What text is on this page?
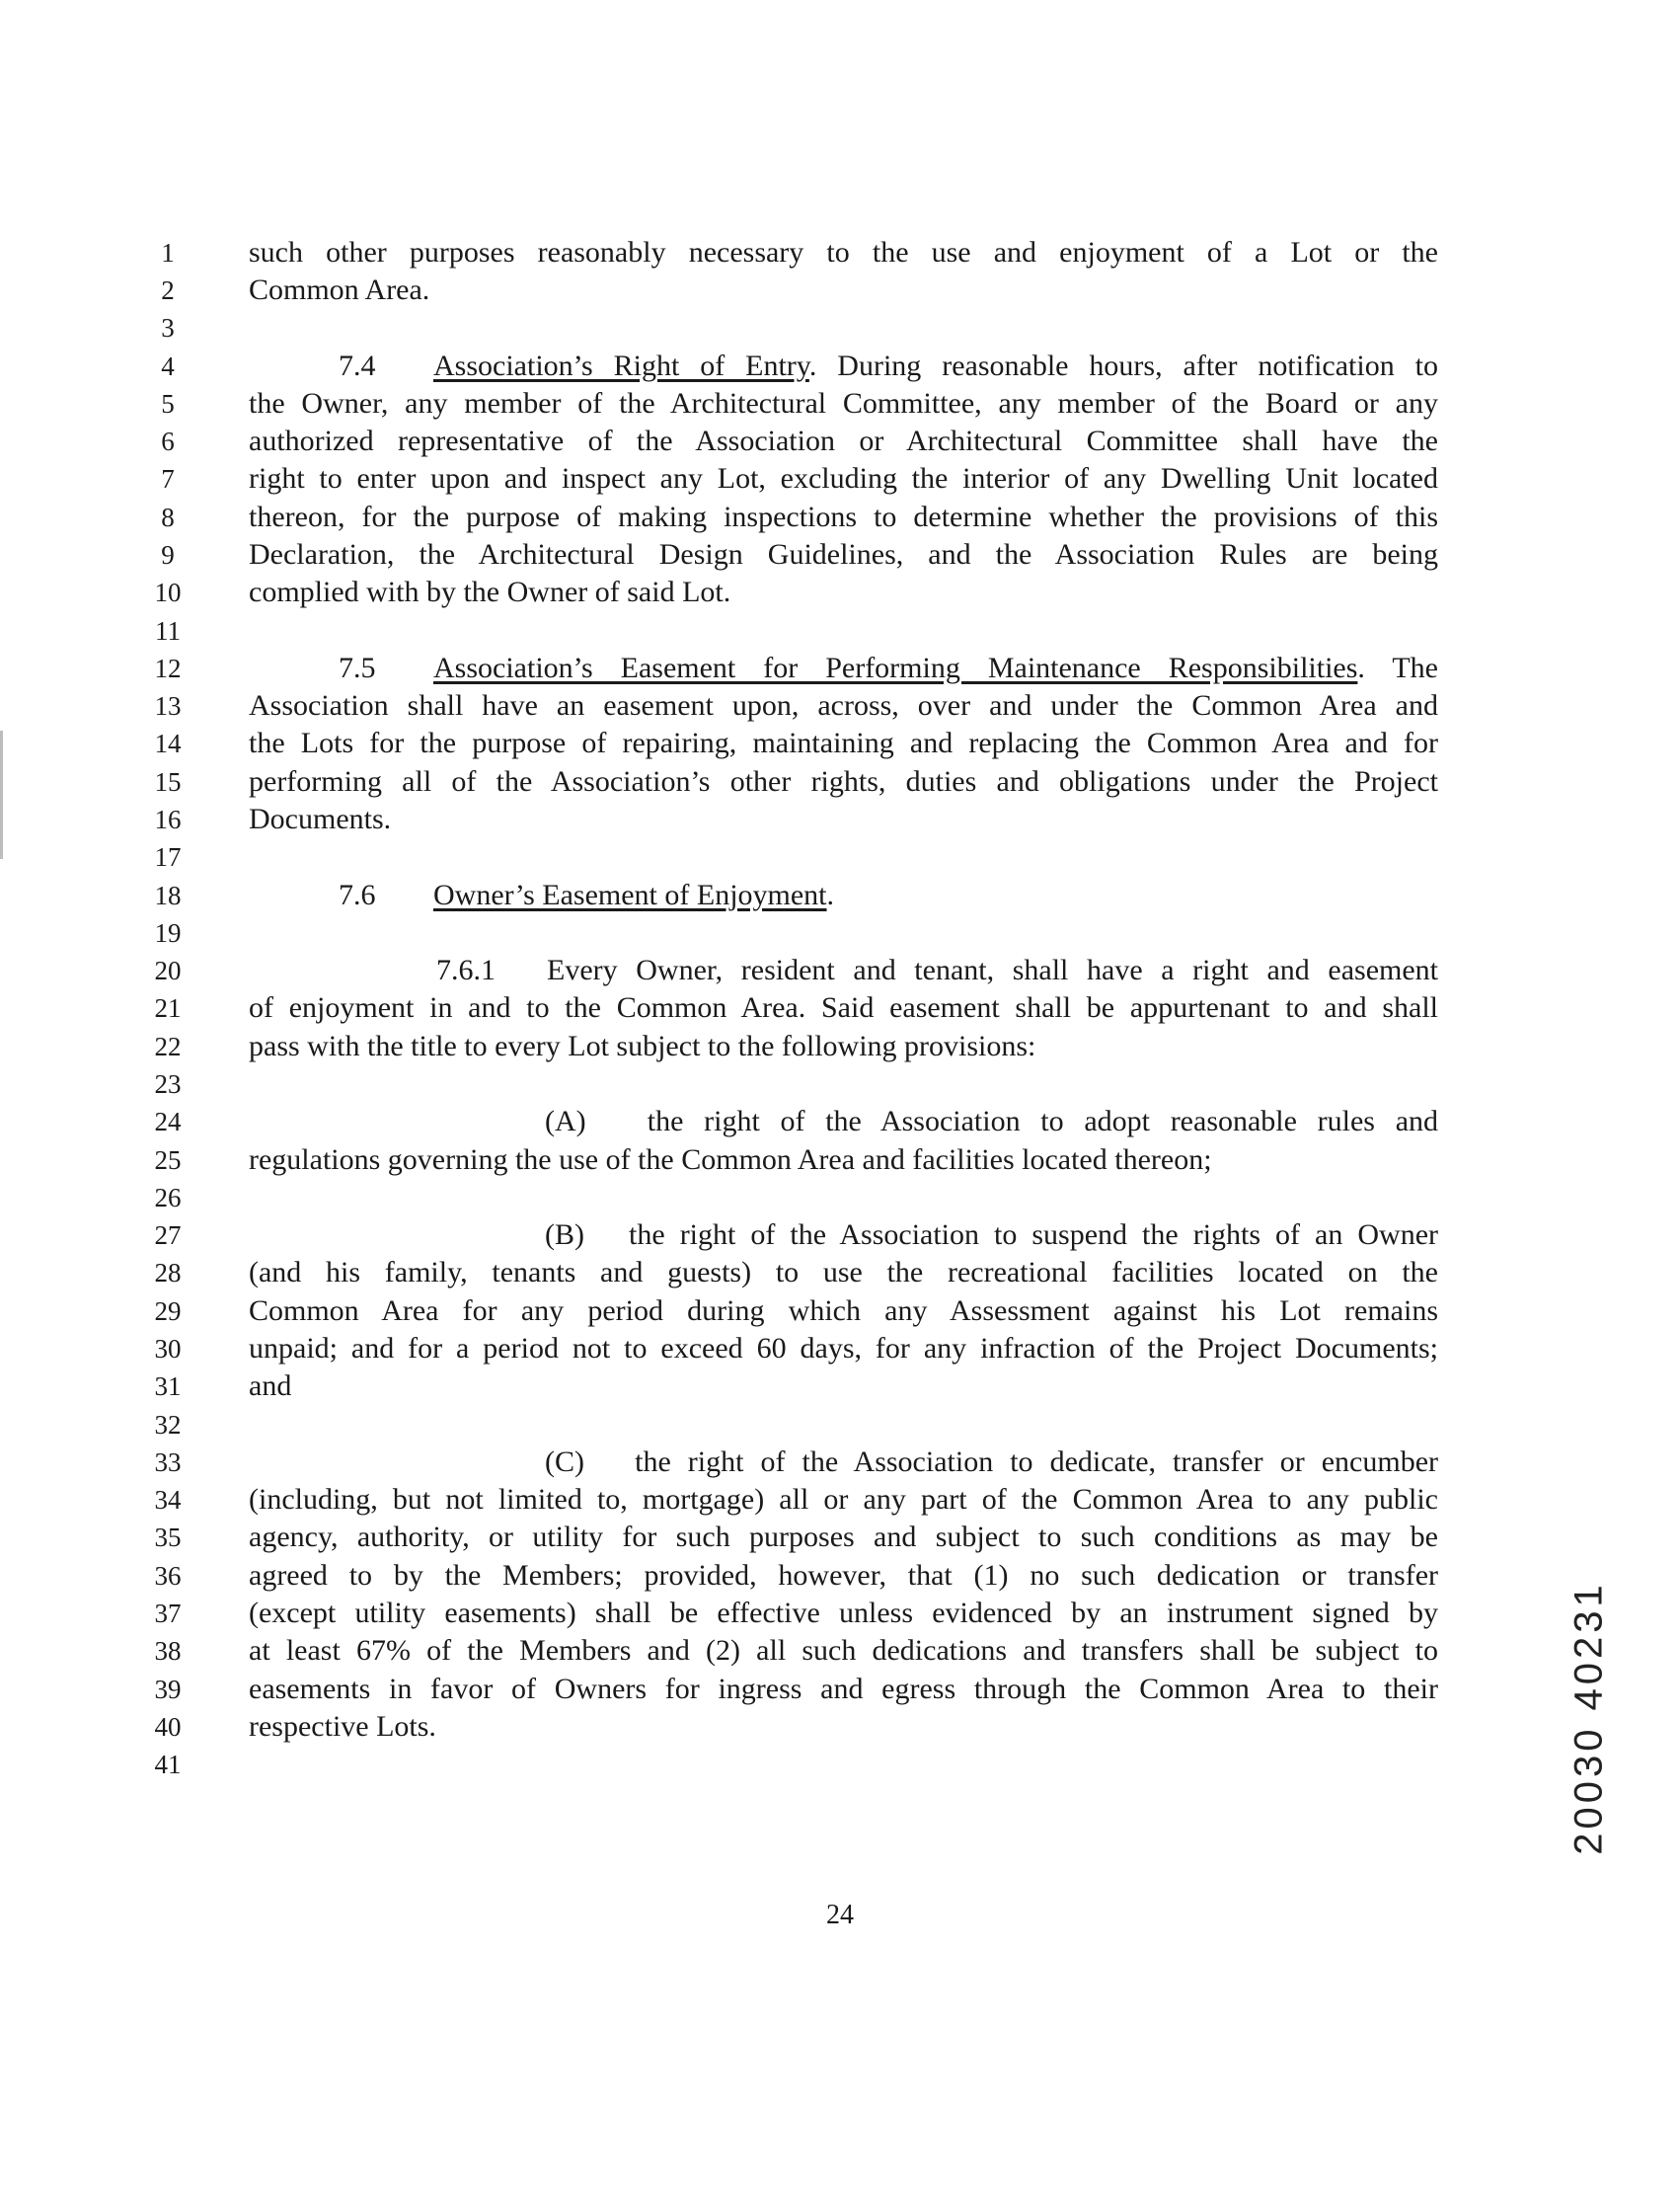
1
2
3
4
5
6
7
8
9
10
11
12
13
14
15
16
17
18
19
20
21
22
23
24
25
26
27
28
29
30
31
32
33
34
35
36
37
38
39
40
41
such other purposes reasonably necessary to the use and enjoyment of a Lot or the
Common Area.
7.4 Association’s Right of Entry. During reasonable hours, after notification to
the Owner, any member of the Architectural Committee, any member of the Board or any
authorized representative of the Association or Architectural Committee shall have the
right to enter upon and inspect any Lot, excluding the interior of any Dwelling Unit located
thereon, for the purpose of making inspections to determine whether the provisions of this
Declaration, the Architectural Design Guidelines, and the Association Rules are being
complied with by the Owner of said Lot.
7.5 Association’s Easement for Performing Maintenance Responsibilities. The
Association shall have an easement upon, across, over and under the Common Area and
the Lots for the purpose of repairing, maintaining and replacing the Common Area and for
performing all of the Association’s other rights, duties and obligations under the Project
Documents.
7.6 Owner’s Easement of Enjoyment.
7.6.1 Every Owner, resident and tenant, shall have a right and easement
of enjoyment in and to the Common Area. Said easement shall be appurtenant to and shall
pass with the title to every Lot subject to the following provisions:
(A) the right of the Association to adopt reasonable rules and
regulations governing the use of the Common Area and facilities located thereon;
(B) the right of the Association to suspend the rights of an Owner
(and his family, tenants and guests) to use the recreational facilities located on the
Common Area for any period during which any Assessment against his Lot remains
unpaid; and for a period not to exceed 60 days, for any infraction of the Project Documents;
and
(C) the right of the Association to dedicate, transfer or encumber
(including, but not limited to, mortgage) all or any part of the Common Area to any public
agency, authority, or utility for such purposes and subject to such conditions as may be
agreed to by the Members; provided, however, that (1) no such dedication or transfer
(except utility easements) shall be effective unless evidenced by an instrument signed by
at least 67% of the Members and (2) all such dedications and transfers shall be subject to
easements in favor of Owners for ingress and egress through the Common Area to their
respective Lots.
24
20030 40231
